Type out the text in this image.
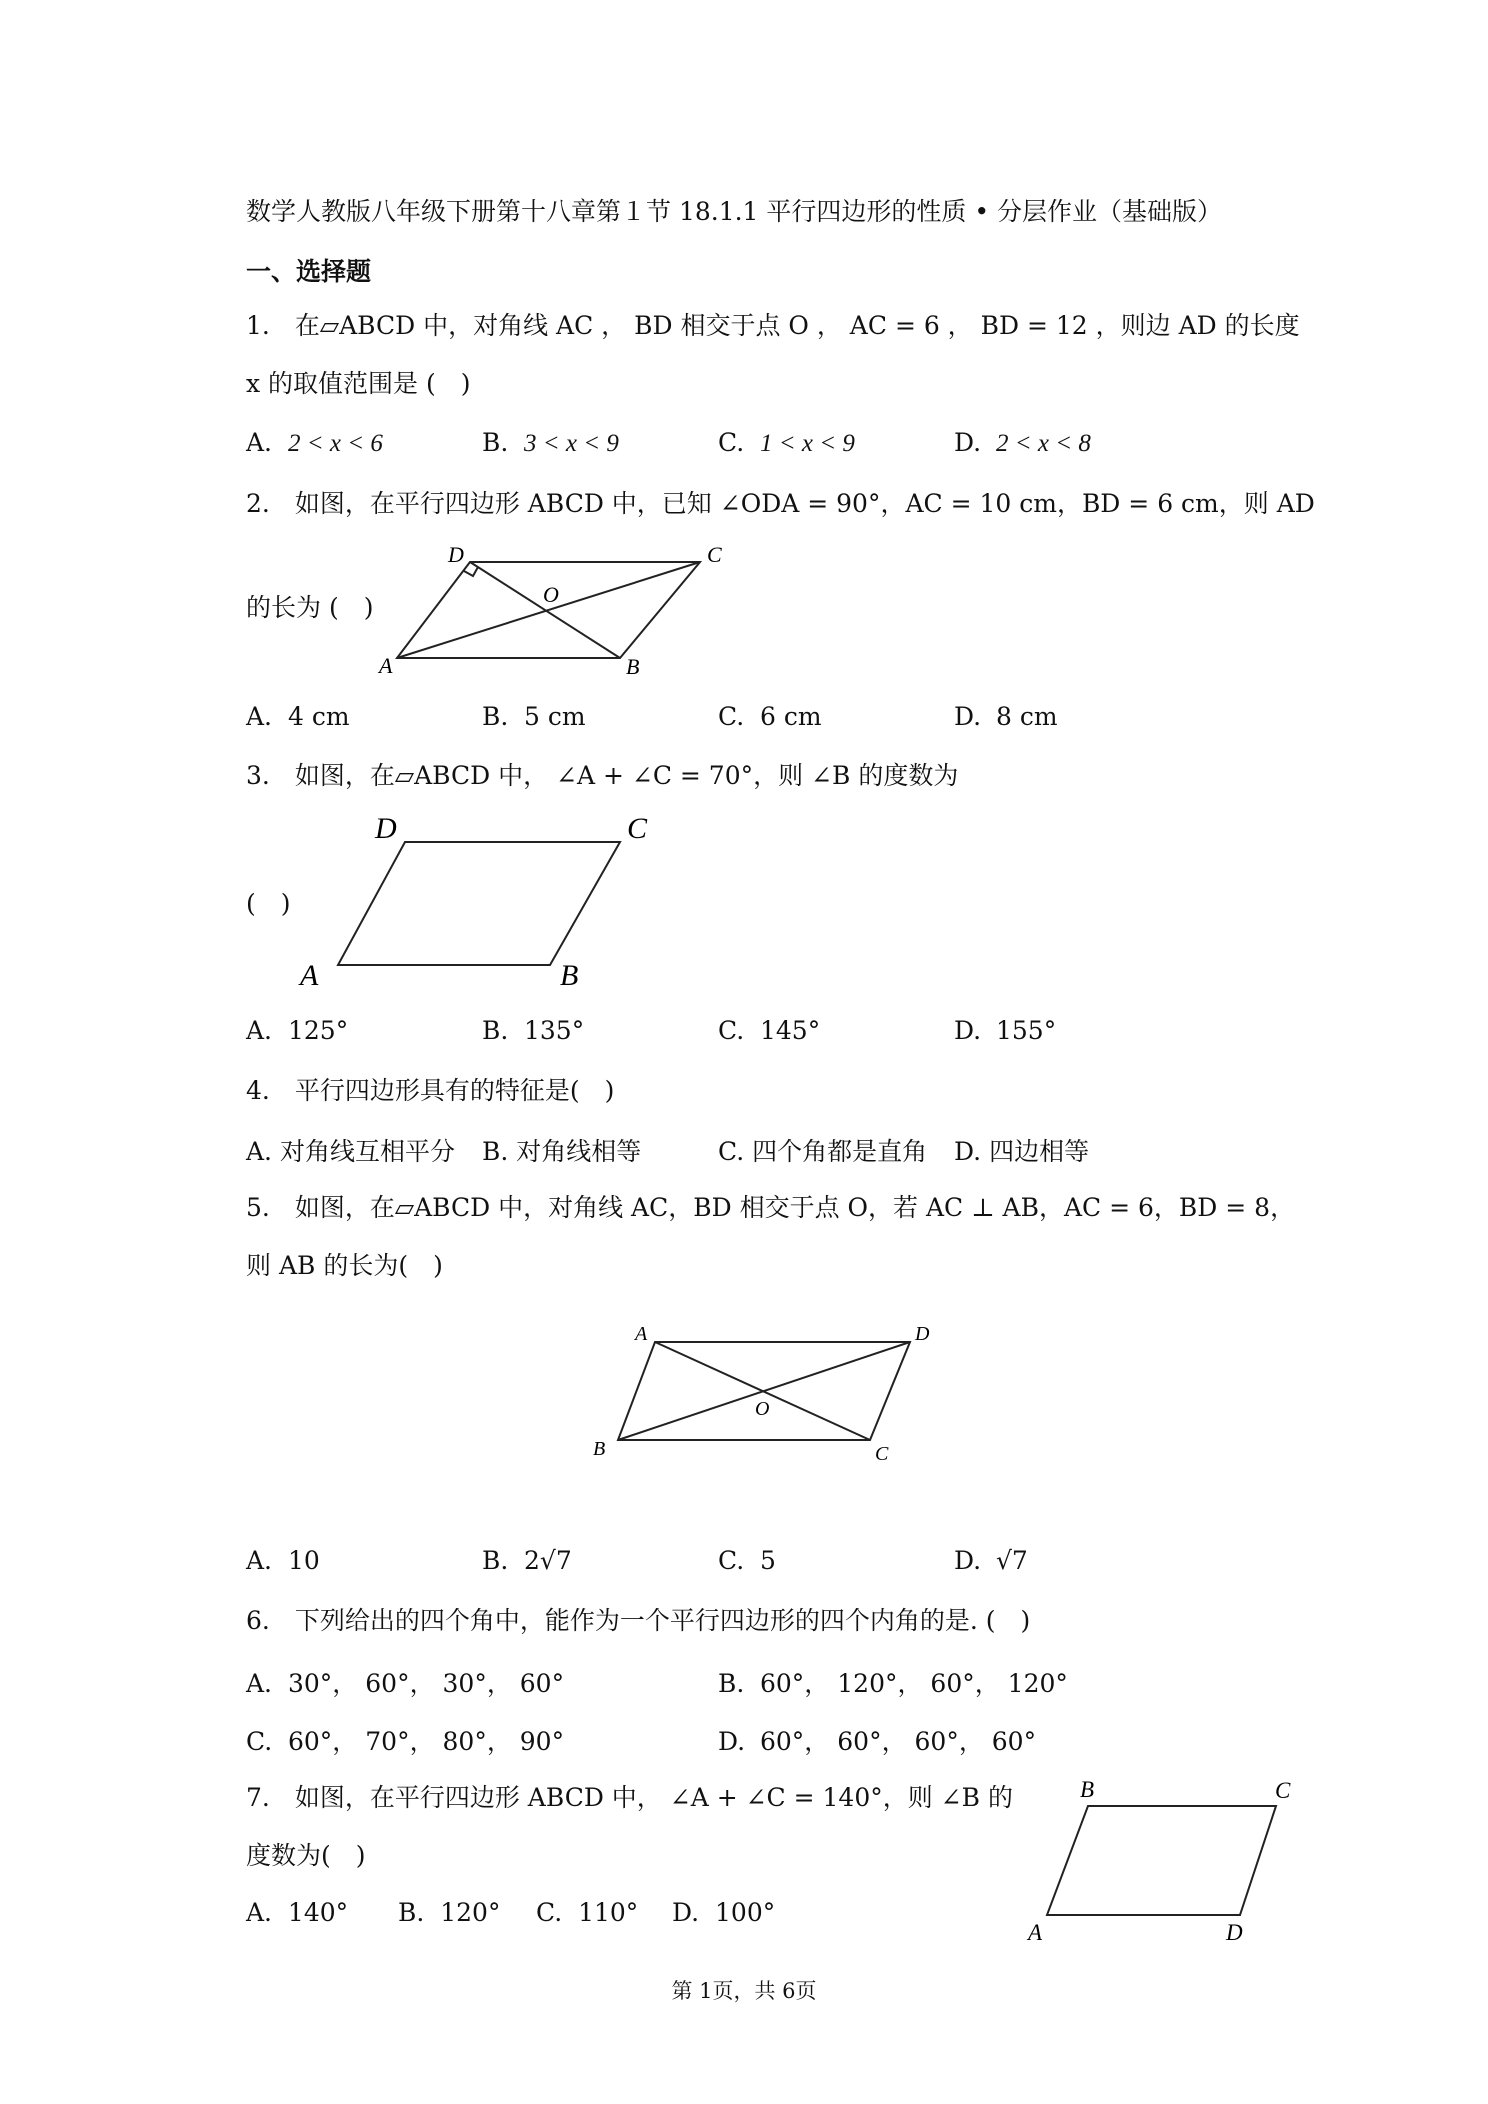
数学人教版八年级下册第十八章第１节 18.1.1 平行四边形的性质 • 分层作业（基础版）
一、选择题
1.　在▱ABCD 中，对角线 AC ， BD 相交于点 O ， AC = 6 ， BD = 12 ，则边 AD 的长度
x 的取值范围是 (　)
A. 2 < x < 6	B. 3 < x < 9	C. 1 < x < 9	D. 2 < x < 8
2.　如图，在平行四边形 ABCD 中，已知 ∠ODA = 90°，AC = 10 cm，BD = 6 cm，则 AD
的长为 (　)
D	C
O
A	B
A. 4 cm	B. 5 cm	C. 6 cm	D. 8 cm
3.　如图，在▱ABCD 中， ∠A + ∠C = 70°，则 ∠B 的度数为
(　)
D	C
A	B
A. 125°	B. 135°	C. 145°	D. 155°
4.　平行四边形具有的特征是(　)
A. 对角线互相平分 B. 对角线相等	C. 四个角都是直角 D. 四边相等
5.　如图，在▱ABCD 中，对角线 AC，BD 相交于点 O，若 AC ⊥ AB，AC = 6，BD = 8，
则 AB 的长为(　)
A	D
O
B	C
A. 10	B. 2√7	C. 5	D. √7
6.　下列给出的四个角中，能作为一个平行四边形的四个内角的是. (　)
A. 30°， 60°， 30°， 60°	B. 60°， 120°， 60°， 120°
C. 60°， 70°， 80°， 90°	D. 60°， 60°， 60°， 60°
7.　如图，在平行四边形 ABCD 中， ∠A + ∠C = 140°，则 ∠B 的
度数为(　)
A. 140° B. 120° C. 110° D. 100°
B	C
A	D
第 1页，共 6页
